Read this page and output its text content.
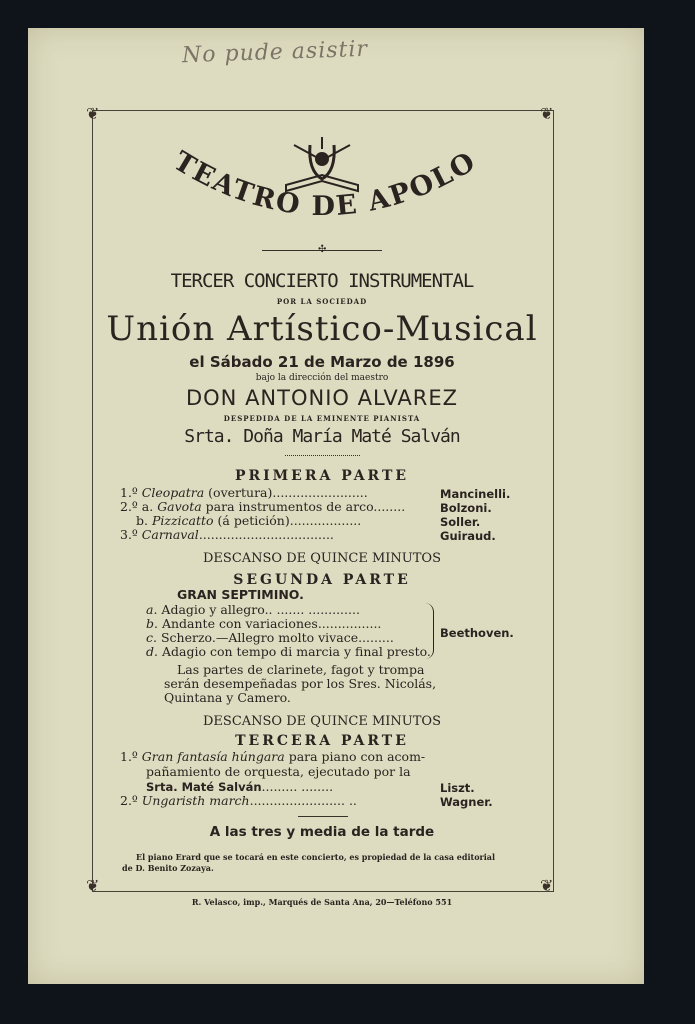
No pude asistir
❦	❦
❦	❦
TEATRO DE APOLO
✣
TERCER CONCIERTO INSTRUMENTAL
POR LA SOCIEDAD
Unión Artístico-Musical
el Sábado 21 de Marzo de 1896
bajo la dirección del maestro
DON ANTONIO ALVAREZ
DESPEDIDA DE LA EMINENTE PIANISTA
Srta. Doña María Maté Salván
PRIMERA PARTE
1.º Cleopatra (overtura)........................	Mancinelli.
2.º a. Gavota para instrumentos de arco........	Bolzoni.
b. Pizzicatto (á petición)..................	Soller.
3.º Carnaval..................................	Guiraud.
DESCANSO DE QUINCE MINUTOS
SEGUNDA PARTE
GRAN SEPTIMINO.
a. Adagio y allegro.. ....... .............
b. Andante con variaciones................
c. Scherzo.—Allegro molto vivace.........
d. Adagio con tempo di marcia y final presto.
Beethoven.
Las partes de clarinete, fagot y trompa
serán desempeñadas por los Sres. Nicolás,
Quintana y Camero.
DESCANSO DE QUINCE MINUTOS
TERCERA PARTE
1.º Gran fantasía húngara para piano con acom-
pañamiento de orquesta, ejecutado por la
Srta. Maté Salván......... ........	Liszt.
2.º Ungaristh march........................ ..	Wagner.
A las tres y media de la tarde
El piano Erard que se tocará en este concierto, es propiedad de la casa editorial
de D. Benito Zozaya.
R. Velasco, imp., Marqués de Santa Ana, 20—Teléfono 551
